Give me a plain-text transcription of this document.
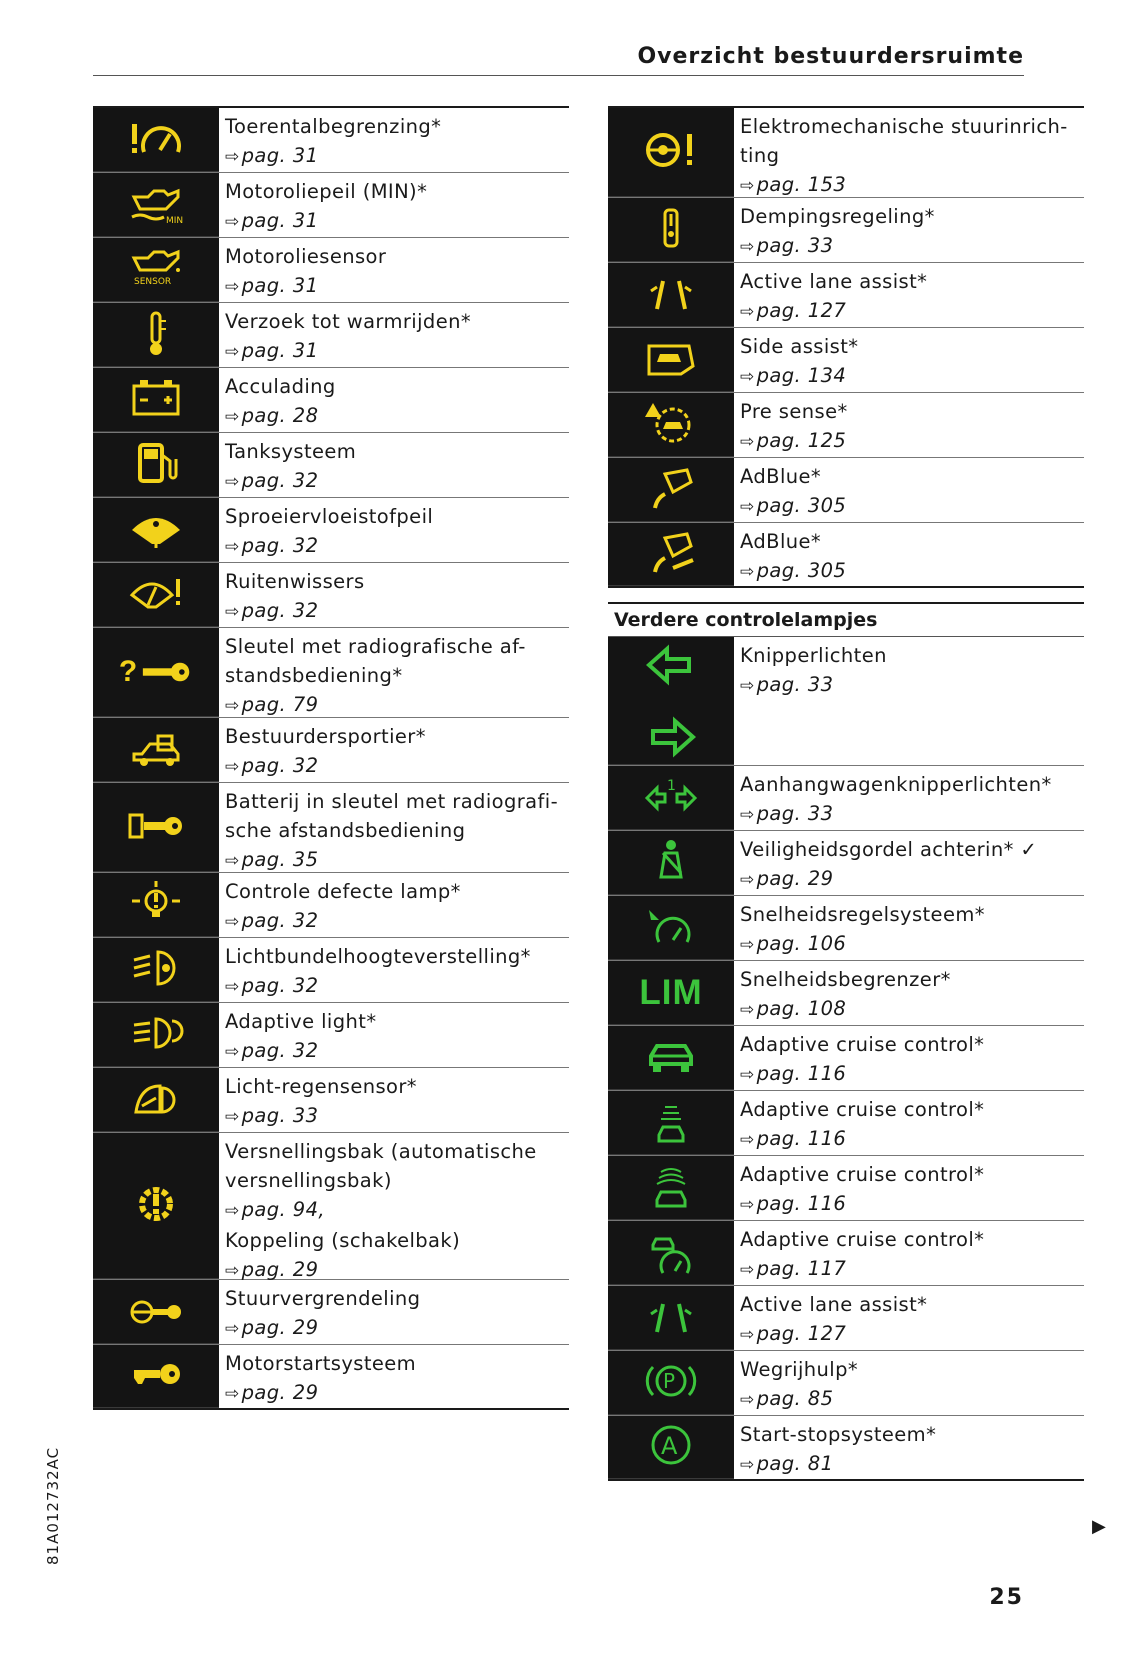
Overzicht bestuurdersruimte
Toerentalbegrenzing*
⇨ pag. 31
MIN
Motoroliepeil (MIN)*
⇨ pag. 31
SENSOR
Motoroliesensor
⇨ pag. 31
Verzoek tot warmrijden*
⇨ pag. 31
Acculading
⇨ pag. 28
Tanksysteem
⇨ pag. 32
Sproeiervloeistofpeil
⇨ pag. 32
Ruitenwissers
⇨ pag. 32
?
Sleutel met radiografische af-
standsbediening*
⇨ pag. 79
Bestuurdersportier*
⇨ pag. 32
Batterij in sleutel met radiografi-
sche afstandsbediening
⇨ pag. 35
Controle defecte lamp*
⇨ pag. 32
Lichtbundelhoogteverstelling*
⇨ pag. 32
Adaptive light*
⇨ pag. 32
Licht-regensensor*
⇨ pag. 33
Versnellingsbak (automatische
versnellingsbak)
⇨ pag. 94,
Koppeling (schakelbak)
⇨ pag. 29
Stuurvergrendeling
⇨ pag. 29
Motorstartsysteem
⇨ pag. 29
Elektromechanische stuurinrich-
ting
⇨ pag. 153
Dempingsregeling*
⇨ pag. 33
Active lane assist*
⇨ pag. 127
Side assist*
⇨ pag. 134
Pre sense*
⇨ pag. 125
AdBlue*
⇨ pag. 305
AdBlue*
⇨ pag. 305
Verdere controlelampjes
Knipperlichten
⇨ pag. 33
1	Aanhangwagenknipperlichten*
⇨ pag. 33
Veiligheidsgordel achterin* ✓
⇨ pag. 29
Snelheidsregelsysteem*
⇨ pag. 106
LIM Snelheidsbegrenzer*
⇨ pag. 108
Adaptive cruise control*
⇨ pag. 116
Adaptive cruise control*
⇨ pag. 116
Adaptive cruise control*
⇨ pag. 116
Adaptive cruise control*
⇨ pag. 117
Active lane assist*
⇨ pag. 127
P	Wegrijhulp*
⇨ pag. 85
A	Start-stopsysteem*
⇨ pag. 81
81A012732AC	▶
25
